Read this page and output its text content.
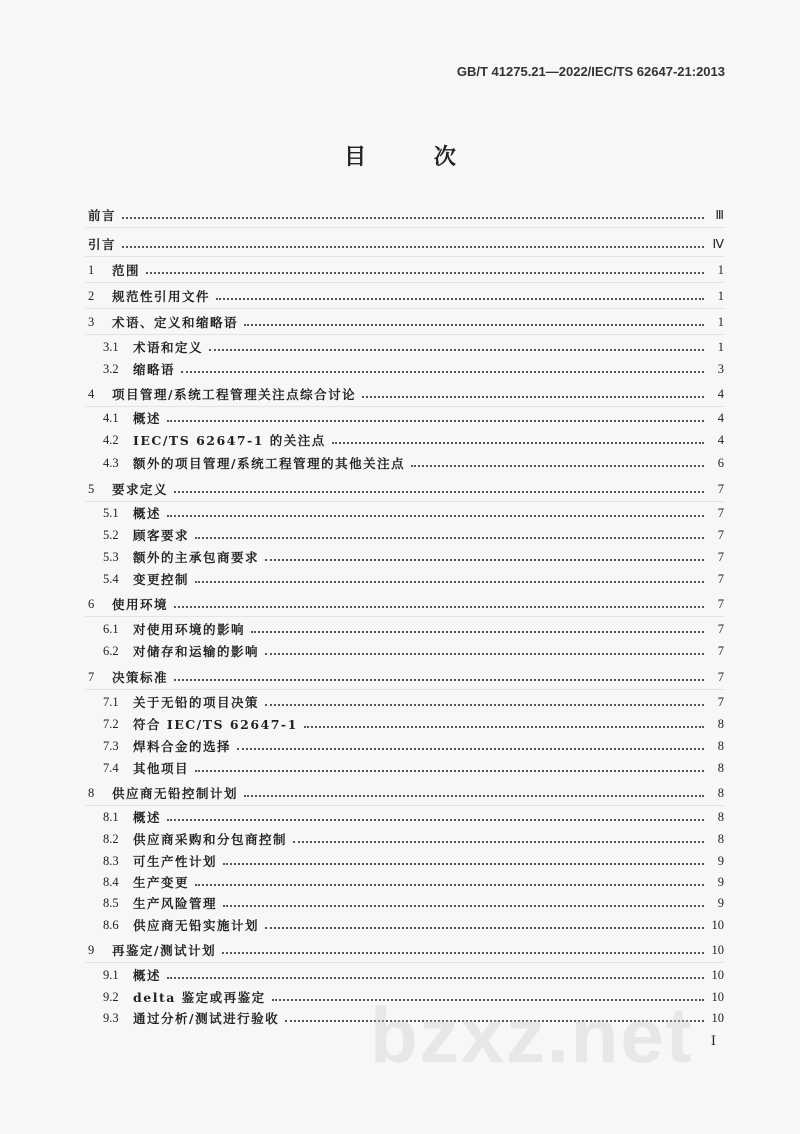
GB/T 41275.21—2022/IEC/TS 62647-21:2013
目 次
前言	Ⅲ
引言	Ⅳ
1	范围	1
2	规范性引用文件	1
3	术语、定义和缩略语	1
3.1	术语和定义	1
3.2	缩略语	3
4	项目管理/系统工程管理关注点综合讨论	4
4.1	概述	4
4.2	IEC/TS 62647-1 的关注点	4
4.3	额外的项目管理/系统工程管理的其他关注点	6
5	要求定义	7
5.1	概述	7
5.2	顾客要求	7
5.3	额外的主承包商要求	7
5.4	变更控制	7
6	使用环境	7
6.1	对使用环境的影响	7
6.2	对储存和运输的影响	7
7	决策标准	7
7.1	关于无铅的项目决策	7
7.2	符合 IEC/TS 62647-1	8
7.3	焊料合金的选择	8
7.4	其他项目	8
8	供应商无铅控制计划	8
8.1	概述	8
8.2	供应商采购和分包商控制	8
8.3	可生产性计划	9
8.4	生产变更	9
8.5	生产风险管理	9
8.6	供应商无铅实施计划	10
9	再鉴定/测试计划	10
9.1	概述	10
9.2	delta 鉴定或再鉴定	10
9.3	通过分析/测试进行验收	10
I
bzxz.net
